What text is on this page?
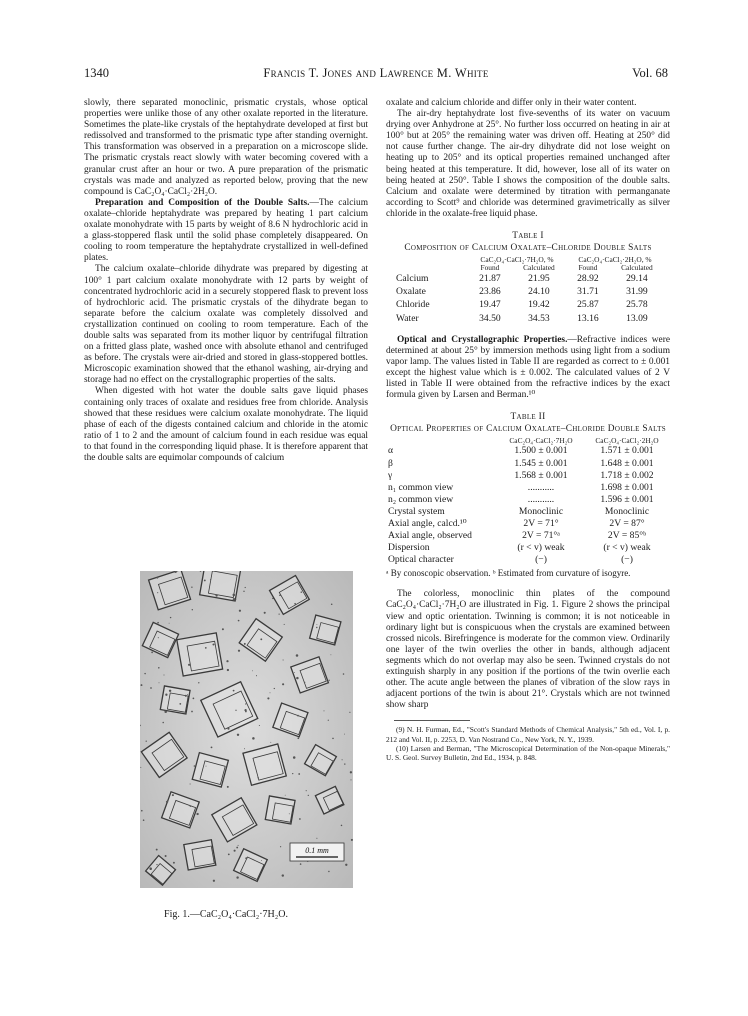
1340	Francis T. Jones and Lawrence M. White	Vol. 68

slowly, there separated monoclinic, prismatic crystals, whose optical properties were unlike those of any other oxalate reported in the literature. Sometimes the plate-like crystals of the heptahydrate developed at first but redissolved and transformed to the prismatic type after standing overnight. This transformation was observed in a preparation on a microscope slide. The prismatic crystals react slowly with water becoming covered with a granular crust after an hour or two. A pure preparation of the prismatic crystals was made and analyzed as reported below, proving that the new compound is CaC₂O₄·CaCl₂·2H₂O.

Preparation and Composition of the Double Salts.—The calcium oxalate–chloride heptahydrate was prepared by heating 1 part calcium oxalate monohydrate with 15 parts by weight of 8.6 N hydrochloric acid in a glass-stoppered flask until the solid phase completely disappeared. On cooling to room temperature the heptahydrate crystallized in well-defined plates.

The calcium oxalate–chloride dihydrate was prepared by digesting at 100° 1 part calcium oxalate monohydrate with 12 parts by weight of concentrated hydrochloric acid in a securely stoppered flask to prevent loss of hydrochloric acid. The prismatic crystals of the dihydrate began to separate before the calcium oxalate was completely dissolved and crystallization continued on cooling to room temperature. Each of the double salts was separated from its mother liquor by centrifugal filtration on a fritted glass plate, washed once with absolute ethanol and centrifuged as before. The crystals were air-dried and stored in glass-stoppered bottles. Microscopic examination showed that the ethanol washing, air-drying and storage had no effect on the crystallographic properties of the salts.

When digested with hot water the double salts gave liquid phases containing only traces of oxalate and residues free from chloride. Analysis showed that these residues were calcium oxalate monohydrate. The liquid phase of each of the digests contained calcium and chloride in the atomic ratio of 1 to 2 and the amount of calcium found in each residue was equal to that found in the corresponding liquid phase. It is therefore apparent that the double salts are equimolar compounds of calcium

0.1 mm
Fig. 1.—CaC₂O₄·CaCl₂·7H₂O.

oxalate and calcium chloride and differ only in their water content.

The air-dry heptahydrate lost five-sevenths of its water on vacuum drying over Anhydrone at 25°. No further loss occurred on heating in air at 100° but at 205° the remaining water was driven off. Heating at 250° did not cause further change. The air-dry dihydrate did not lose weight on heating up to 205° and its optical properties remained unchanged after being heated at this temperature. It did, however, lose all of its water on being heated at 250°. Table I shows the composition of the double salts. Calcium and oxalate were determined by titration with permanganate according to Scott⁹ and chloride was determined gravimetrically as silver chloride in the oxalate-free liquid phase.

Table I
Composition of Calcium Oxalate–Chloride Double Salts
	CaC₂O₄·CaCl₂·7H₂O, %		CaC₂O₄·CaCl₂·2H₂O, %	
	Found	Calculated	Found	Calculated
Calcium	21.87	21.95	28.92	29.14
Oxalate	23.86	24.10	31.71	31.99
Chloride	19.47	19.42	25.87	25.78
Water	34.50	34.53	13.16	13.09

Optical and Crystallographic Properties.—Refractive indices were determined at about 25° by immersion methods using light from a sodium vapor lamp. The values listed in Table II are regarded as correct to ± 0.001 except the highest value which is ± 0.002. The calculated values of 2 V listed in Table II were obtained from the refractive indices by the exact formula given by Larsen and Berman.¹⁰

Table II
Optical Properties of Calcium Oxalate–Chloride Double Salts
	CaC₂O₄·CaCl₂·7H₂O	CaC₂O₄·CaCl₂·2H₂O
α	1.500 ± 0.001	1.571 ± 0.001
β	1.545 ± 0.001	1.648 ± 0.001
γ	1.568 ± 0.001	1.718 ± 0.002
n₁ common view	...........	1.698 ± 0.001
n₂ common view	...........	1.596 ± 0.001
Crystal system	Monoclinic	Monoclinic
Axial angle, calcd.¹⁰	2V = 71°	2V = 87°
Axial angle, observed	2V = 71°ᵃ	2V = 85°ᵇ
Dispersion	(r < v) weak	(r < v) weak
Optical character	(−)	(−)
ᵃ By conoscopic observation. ᵇ Estimated from curvature of isogyre.

The colorless, monoclinic thin plates of the compound CaC₂O₄·CaCl₂·7H₂O are illustrated in Fig. 1. Figure 2 shows the principal view and optic orientation. Twinning is common; it is not noticeable in ordinary light but is conspicuous when the crystals are examined between crossed nicols. Birefringence is moderate for the common view. Ordinarily one layer of the twin overlies the other in bands, although adjacent segments which do not overlap may also be seen. Twinned crystals do not extinguish sharply in any position if the portions of the twin overlie each other. The acute angle between the planes of vibration of the slow rays in adjacent portions of the twin is about 21°. Crystals which are not twinned show sharp

(9) N. H. Furman, Ed., "Scott's Standard Methods of Chemical Analysis," 5th ed., Vol. I, p. 212 and Vol. II, p. 2253, D. Van Nostrand Co., New York, N. Y., 1939.

(10) Larsen and Berman, "The Microscopical Determination of the Non-opaque Minerals," U. S. Geol. Survey Bulletin, 2nd Ed., 1934, p. 848.
